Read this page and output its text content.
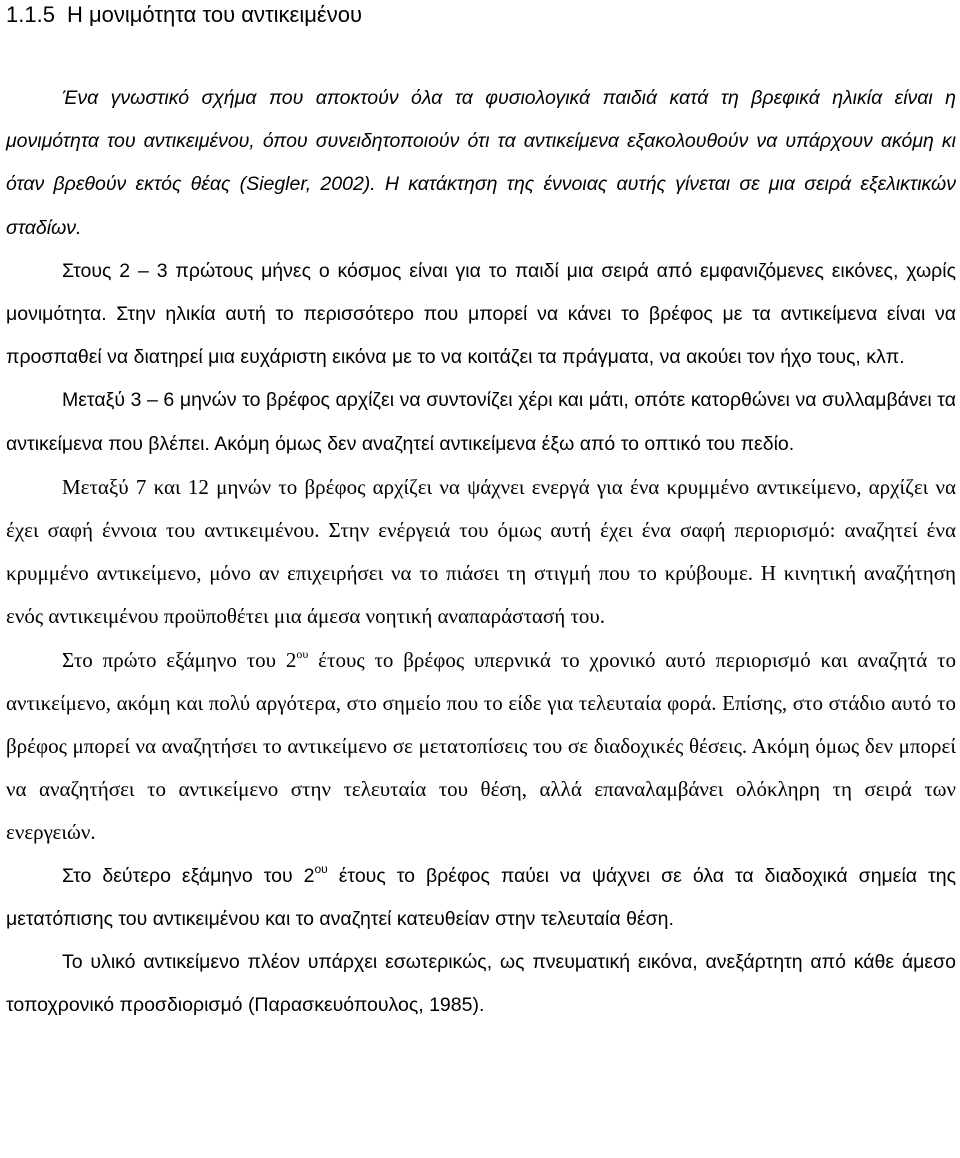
1.1.5 Η μονιμότητα του αντικειμένου

Ένα γνωστικό σχήμα που αποκτούν όλα τα φυσιολογικά παιδιά κατά τη βρεφικά ηλικία είναι η μονιμότητα του αντικειμένου, όπου συνειδητοποιούν ότι τα αντικείμενα εξακολουθούν να υπάρχουν ακόμη κι όταν βρεθούν εκτός θέας (Siegler, 2002). Η κατάκτηση της έννοιας αυτής γίνεται σε μια σειρά εξελικτικών σταδίων.

Στους 2 – 3 πρώτους μήνες ο κόσμος είναι για το παιδί μια σειρά από εμφανιζόμενες εικόνες, χωρίς μονιμότητα. Στην ηλικία αυτή το περισσότερο που μπορεί να κάνει το βρέφος με τα αντικείμενα είναι να προσπαθεί να διατηρεί μια ευχάριστη εικόνα με το να κοιτάζει τα πράγματα, να ακούει τον ήχο τους, κλπ.

Μεταξύ 3 – 6 μηνών το βρέφος αρχίζει να συντονίζει χέρι και μάτι, οπότε κατορθώνει να συλλαμβάνει τα αντικείμενα που βλέπει. Ακόμη όμως δεν αναζητεί αντικείμενα έξω από το οπτικό του πεδίο.

Μεταξύ 7 και 12 μηνών το βρέφος αρχίζει να ψάχνει ενεργά για ένα κρυμμένο αντικείμενο, αρχίζει να έχει σαφή έννοια του αντικειμένου. Στην ενέργειά του όμως αυτή έχει ένα σαφή περιορισμό: αναζητεί ένα κρυμμένο αντικείμενο, μόνο αν επιχειρήσει να το πιάσει τη στιγμή που το κρύβουμε. Η κινητική αναζήτηση ενός αντικειμένου προϋποθέτει μια άμεσα νοητική αναπαράστασή του.

Στο πρώτο εξάμηνο του $2^{o\upsilon}$ έτους το βρέφος υπερνικά το χρονικό αυτό περιορισμό και αναζητά το αντικείμενο, ακόμη και πολύ αργότερα, στο σημείο που το είδε για τελευταία φορά. Επίσης, στο στάδιο αυτό το βρέφος μπορεί να αναζητήσει το αντικείμενο σε μετατοπίσεις του σε διαδοχικές θέσεις. Ακόμη όμως δεν μπορεί να αναζητήσει το αντικείμενο στην τελευταία του θέση, αλλά επαναλαμβάνει ολόκληρη τη σειρά των ενεργειών.

Στο δεύτερο εξάμηνο του $2^{o\upsilon}$ έτους το βρέφος παύει να ψάχνει σε όλα τα διαδοχικά σημεία της μετατόπισης του αντικειμένου και το αναζητεί κατευθείαν στην τελευταία θέση.

Το υλικό αντικείμενο πλέον υπάρχει εσωτερικώς, ως πνευματική εικόνα, ανεξάρτητη από κάθε άμεσο τοποχρονικό προσδιορισμό (Παρασκευόπουλος, 1985).
